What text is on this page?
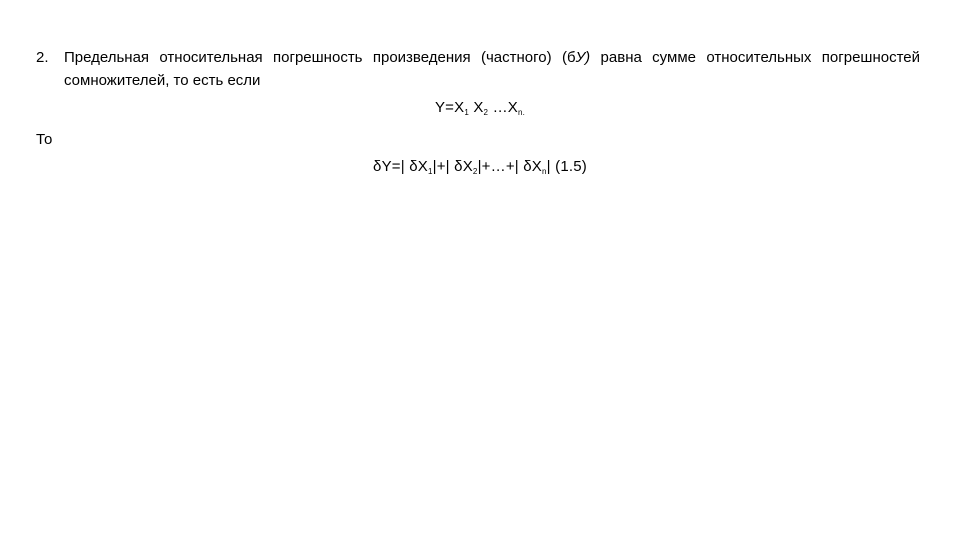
2. Предельная относительная погрешность произведения (частного) (бУ) равна сумме относительных погрешностей сомножителей, то есть если
$Y=X_1$ $X_2$ $\dots X_{n.}$
То
δY=| $\delta X_1|+|$ $\delta X_2|+\dots+|$ $\delta X_n|$ (1.5)
